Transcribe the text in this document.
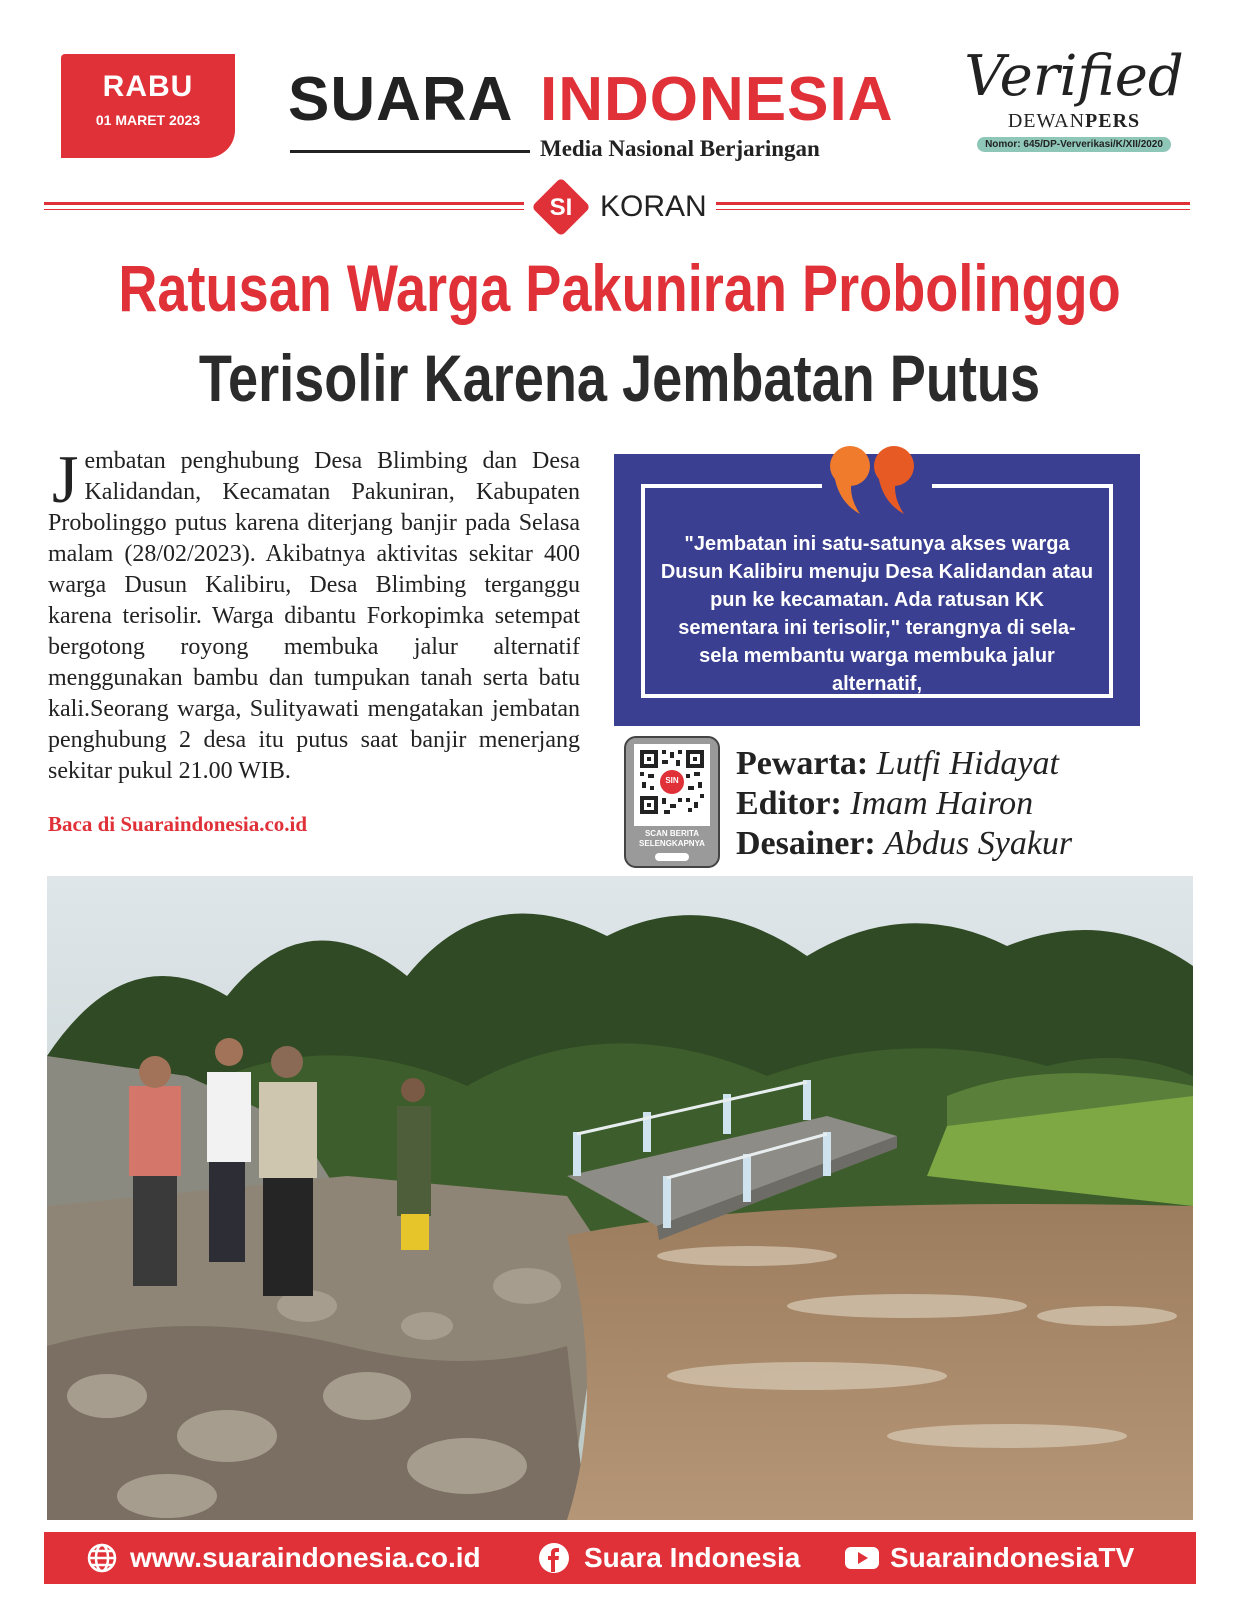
RABU
01 MARET 2023	SUARA INDONESIA
Media Nasional Berjaringan
Verified
DEWANPERS
Nomor: 645/DP-Ververikasi/K/XII/2020
SI KORAN
Ratusan Warga Pakuniran Probolinggo
Terisolir Karena Jembatan Putus
J embatan penghubung Desa Blimbing dan Desa Kalidandan, Kecamatan Pakuniran, Kabupaten Probolinggo putus karena diterjang banjir pada Selasa malam (28/02/2023). Akibatnya aktivitas sekitar 400 warga Dusun Kalibiru, Desa Blimbing terganggu karena terisolir. Warga dibantu Forkopimka setempat bergotong royong membuka jalur alternatif menggunakan bambu dan tumpukan tanah serta batu kali.Seorang warga, Sulityawati mengatakan jembatan penghubung 2 desa itu putus saat banjir menerjang sekitar pukul 21.00 WIB.

Baca di Suaraindonesia.co.id
"Jembatan ini satu-satunya akses warga Dusun Kalibiru menuju Desa Kalidandan atau pun ke kecamatan. Ada ratusan KK sementara ini terisolir," terangnya di sela-sela membantu warga membuka jalur alternatif,
SIN
SCAN BERITA SELENGKAPNYA
Pewarta: Lutfi Hidayat
Editor: Imam Hairon
Desainer: Abdus Syakur
www.suaraindonesia.co.id	Suara Indonesia	SuaraindonesiaTV
